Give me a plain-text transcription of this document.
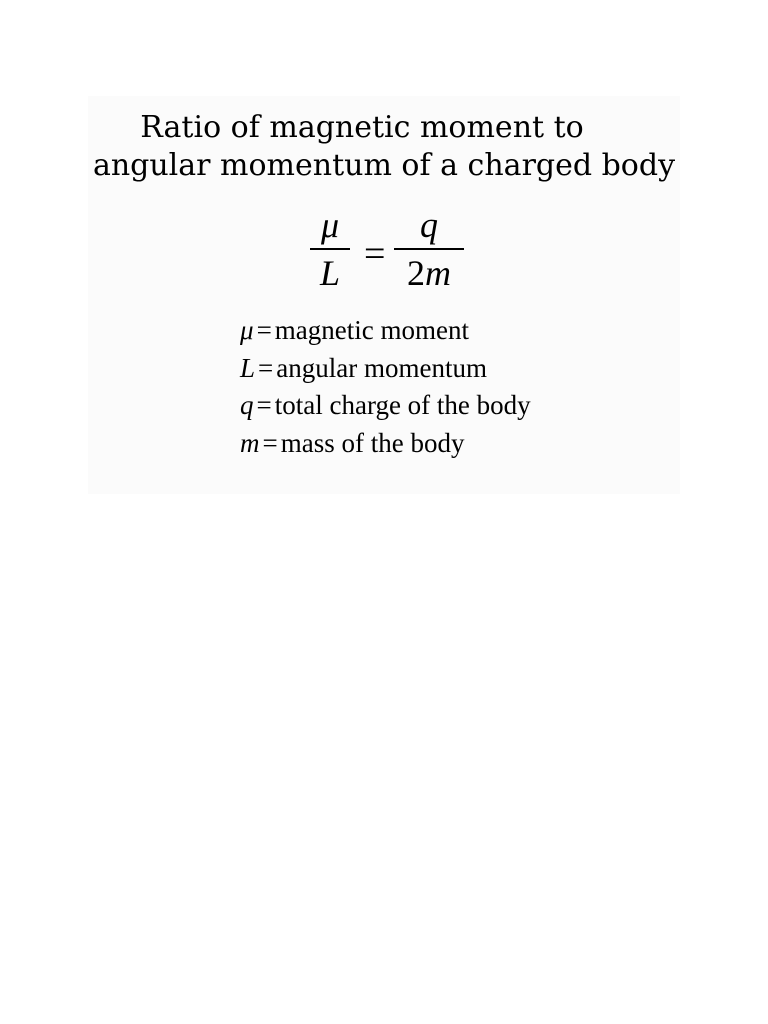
Ratio of magnetic moment to
angular momentum of a charged body
μ
L =
q
2m
μ = magnetic moment
L = angular momentum
q = total charge of the body
m = mass of the body
